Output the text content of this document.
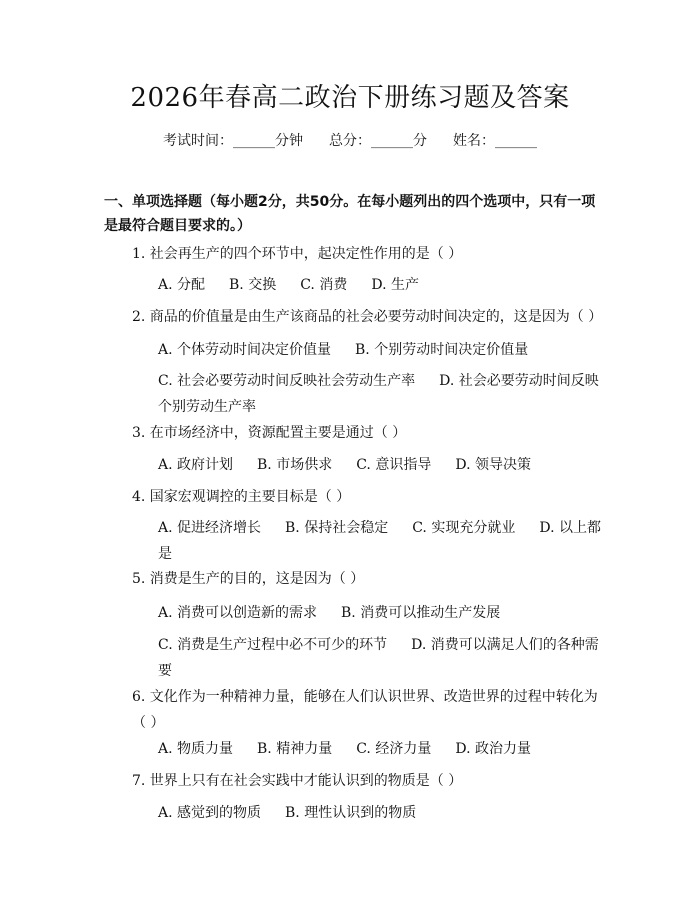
2026年春高二政治下册练习题及答案
考试时间：______分钟 总分：______分 姓名：______
一、单项选择题（每小题2分，共50分。在每小题列出的四个选项中，只有一项是最符合题目要求的。）
1. 社会再生产的四个环节中，起决定性作用的是（ ）
A. 分配 B. 交换 C. 消费 D. 生产
2. 商品的价值量是由生产该商品的社会必要劳动时间决定的，这是因为（ ）
A. 个体劳动时间决定价值量 B. 个别劳动时间决定价值量
C. 社会必要劳动时间反映社会劳动生产率 D. 社会必要劳动时间反映个别劳动生产率
3. 在市场经济中，资源配置主要是通过（ ）
A. 政府计划 B. 市场供求 C. 意识指导 D. 领导决策
4. 国家宏观调控的主要目标是（ ）
A. 促进经济增长 B. 保持社会稳定 C. 实现充分就业 D. 以上都是
5. 消费是生产的目的，这是因为（ ）
A. 消费可以创造新的需求 B. 消费可以推动生产发展
C. 消费是生产过程中必不可少的环节 D. 消费可以满足人们的各种需要
6. 文化作为一种精神力量，能够在人们认识世界、改造世界的过程中转化为（ ）
A. 物质力量 B. 精神力量 C. 经济力量 D. 政治力量
7. 世界上只有在社会实践中才能认识到的物质是（ ）
A. 感觉到的物质 B. 理性认识到的物质
